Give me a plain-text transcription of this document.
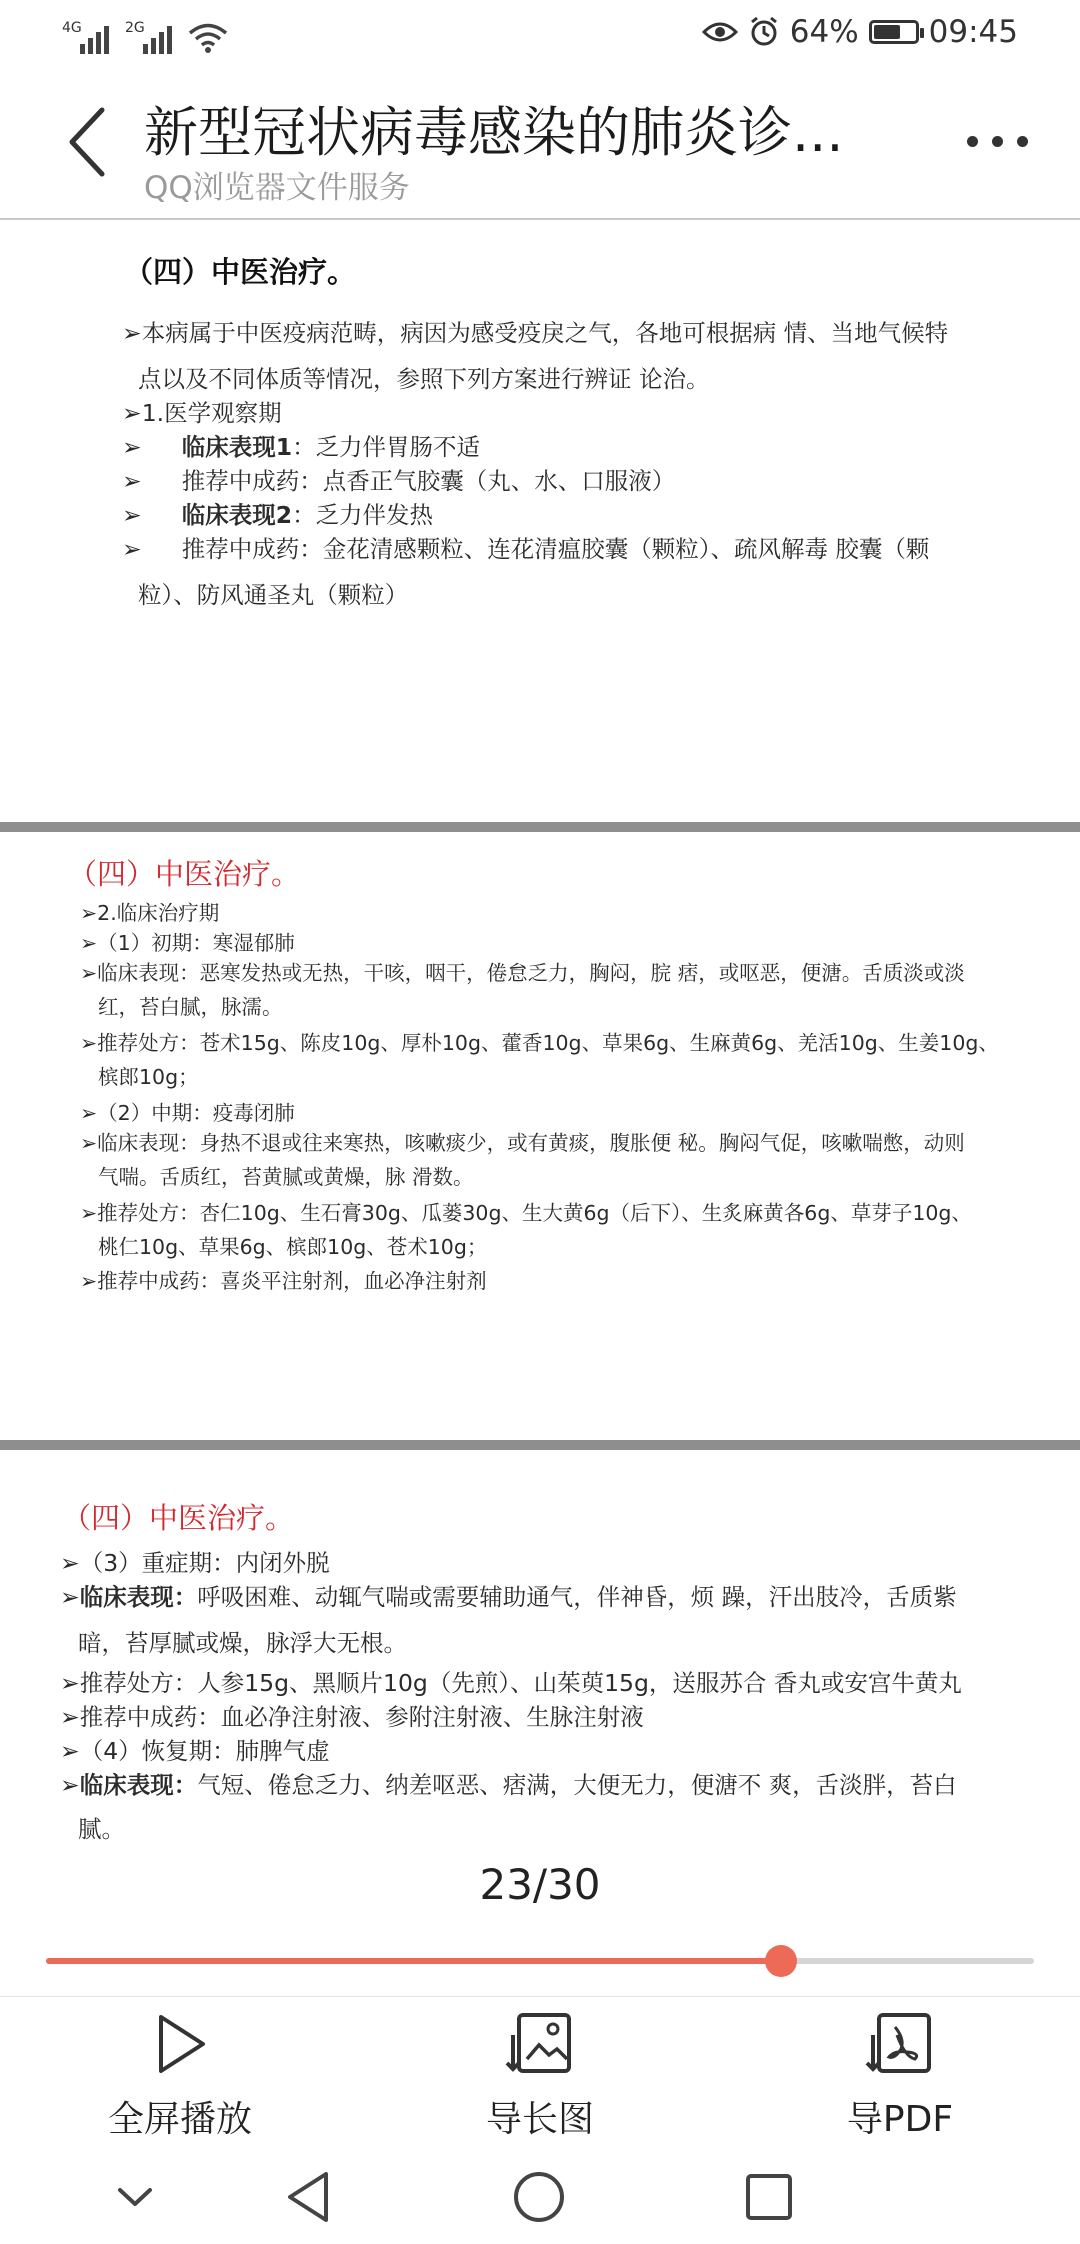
4G	2G	64% 09:45
新型冠状病毒感染的肺炎诊...
QQ浏览器文件服务
（四）中医治疗。
➢本病属于中医疫病范畴，病因为感受疫戾之气，各地可根据病 情、当地气候特
点以及不同体质等情况，参照下列方案进行辨证 论治。
➢1.医学观察期
➢ 临床表现1：乏力伴胃肠不适
➢ 推荐中成药：点香正气胶囊（丸、水、口服液）
➢ 临床表现2：乏力伴发热
➢ 推荐中成药：金花清感颗粒、连花清瘟胶囊（颗粒）、疏风解毒 胶囊（颗
粒）、防风通圣丸（颗粒）
（四）中医治疗。
➢2.临床治疗期
➢（1）初期：寒湿郁肺
➢临床表现：恶寒发热或无热，干咳，咽干，倦怠乏力，胸闷，脘 痞，或呕恶，便溏。舌质淡或淡
红，苔白腻，脉濡。
➢推荐处方：苍术15g、陈皮10g、厚朴10g、藿香10g、草果6g、生麻黄6g、羌活10g、生姜10g、
槟郎10g；
➢（2）中期：疫毒闭肺
➢临床表现：身热不退或往来寒热，咳嗽痰少，或有黄痰，腹胀便 秘。胸闷气促，咳嗽喘憋，动则
气喘。舌质红，苔黄腻或黄燥，脉 滑数。
➢推荐处方：杏仁10g、生石膏30g、瓜蒌30g、生大黄6g（后下）、生炙麻黄各6g、草芽子10g、
桃仁10g、草果6g、槟郎10g、苍术10g；
➢推荐中成药：喜炎平注射剂，血必净注射剂
（四）中医治疗。
➢（3）重症期：内闭外脱
➢临床表现：呼吸困难、动辄气喘或需要辅助通气，伴神昏，烦 躁，汗出肢冷，舌质紫
暗，苔厚腻或燥，脉浮大无根。
➢推荐处方：人参15g、黑顺片10g（先煎）、山茱萸15g，送服苏合 香丸或安宫牛黄丸
➢推荐中成药：血必净注射液、参附注射液、生脉注射液
➢（4）恢复期：肺脾气虚
➢临床表现：气短、倦怠乏力、纳差呕恶、痞满，大便无力，便溏不 爽，舌淡胖，苔白
腻。
23/30
全屏播放	导长图	导PDF
